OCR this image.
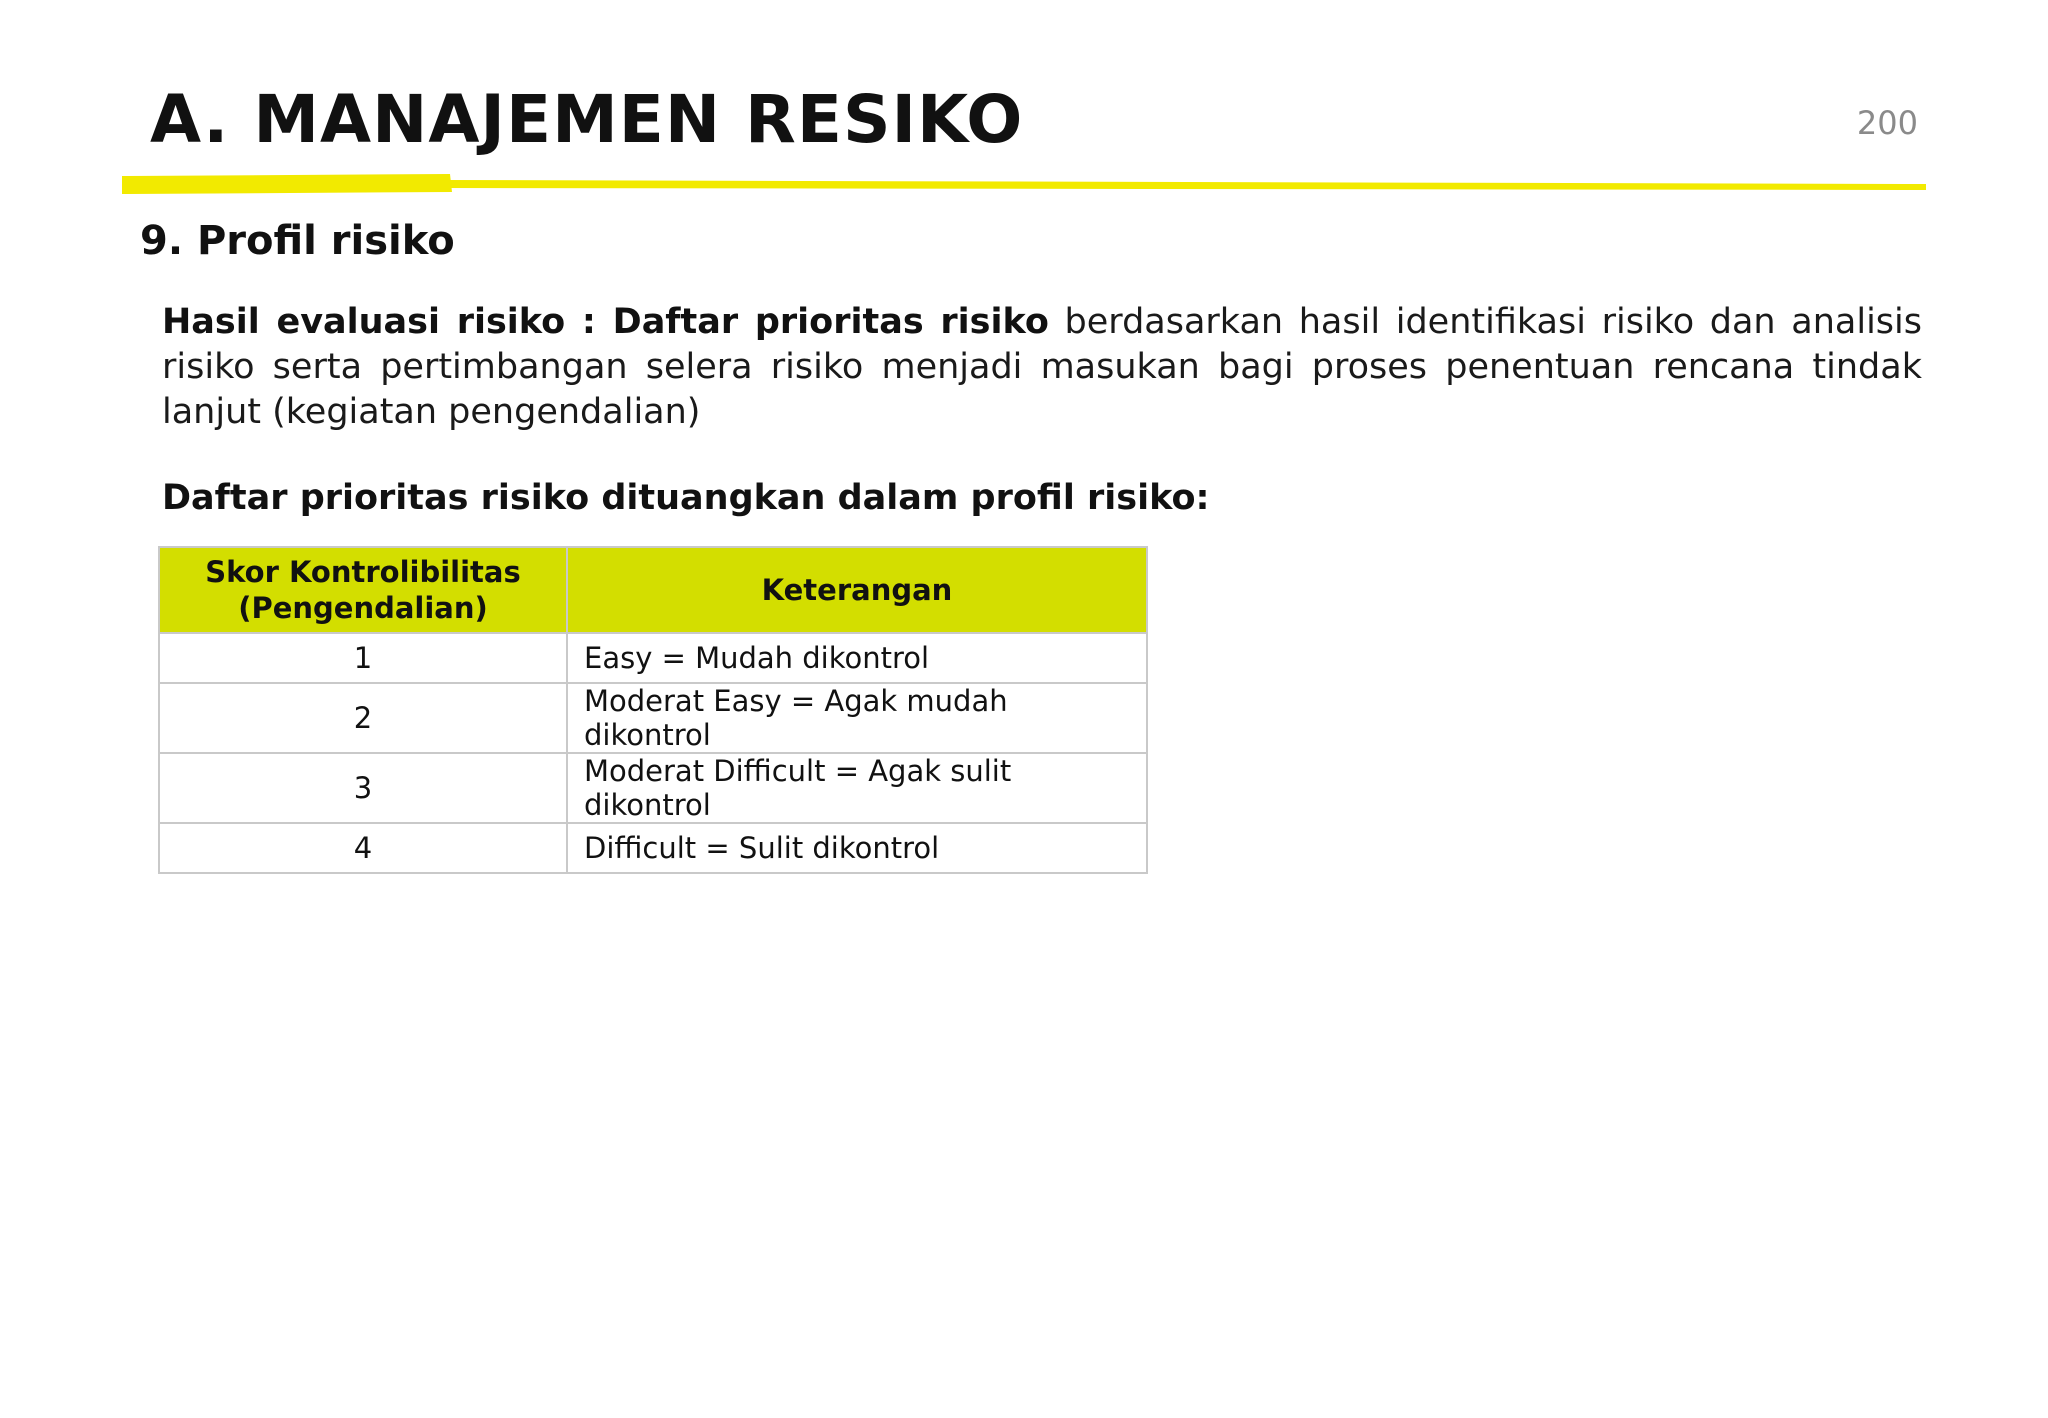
A. MANAJEMEN RESIKO	200
9. Profil risiko

Hasil evaluasi risiko : Daftar prioritas risiko berdasarkan hasil identifikasi risiko dan analisis risiko serta pertimbangan selera risiko menjadi masukan bagi proses penentuan rencana tindak lanjut (kegiatan pengendalian)

Daftar prioritas risiko dituangkan dalam profil risiko:
Skor Kontrolibilitas (Pengendalian)	Keterangan
1	Easy = Mudah dikontrol
2	Moderat Easy = Agak mudah dikontrol
3	Moderat Difficult = Agak sulit dikontrol
4	Difficult = Sulit dikontrol
